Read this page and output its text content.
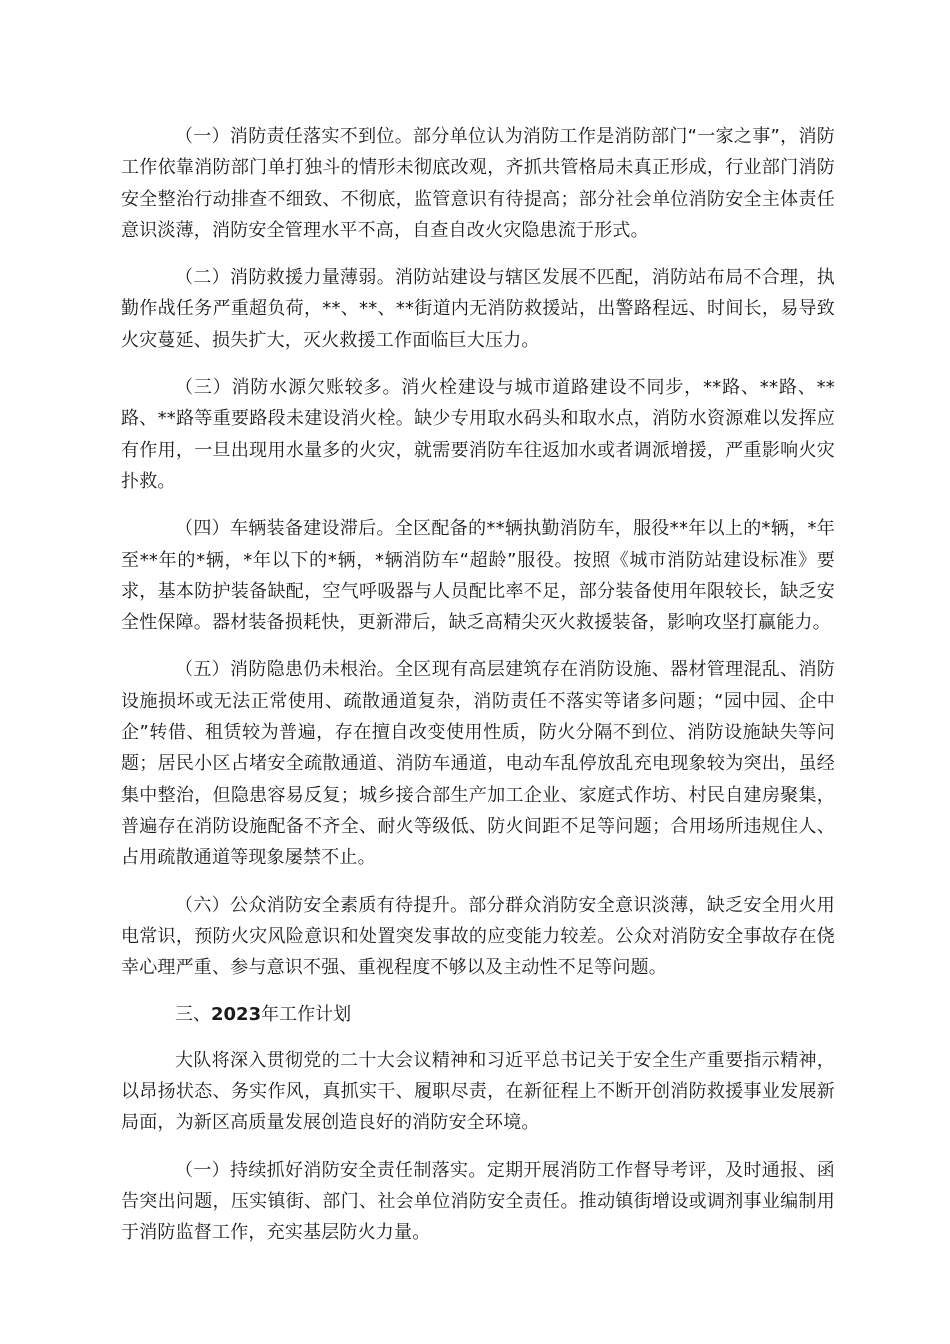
（一）消防责任落实不到位。部分单位认为消防工作是消防部门“一家之事”，消防工作依靠消防部门单打独斗的情形未彻底改观，齐抓共管格局未真正形成，行业部门消防安全整治行动排查不细致、不彻底，监管意识有待提高；部分社会单位消防安全主体责任意识淡薄，消防安全管理水平不高，自查自改火灾隐患流于形式。

（二）消防救援力量薄弱。消防站建设与辖区发展不匹配，消防站布局不合理，执勤作战任务严重超负荷，**、**、**街道内无消防救援站，出警路程远、时间长，易导致火灾蔓延、损失扩大，灭火救援工作面临巨大压力。

（三）消防水源欠账较多。消火栓建设与城市道路建设不同步，**路、**路、**路、**路等重要路段未建设消火栓。缺少专用取水码头和取水点，消防水资源难以发挥应有作用，一旦出现用水量多的火灾，就需要消防车往返加水或者调派增援，严重影响火灾扑救。

（四）车辆装备建设滞后。全区配备的**辆执勤消防车，服役**年以上的*辆，*年至**年的*辆，*年以下的*辆，*辆消防车“超龄”服役。按照《城市消防站建设标准》要求，基本防护装备缺配，空气呼吸器与人员配比率不足，部分装备使用年限较长，缺乏安全性保障。器材装备损耗快，更新滞后，缺乏高精尖灭火救援装备，影响攻坚打赢能力。

（五）消防隐患仍未根治。全区现有高层建筑存在消防设施、器材管理混乱、消防设施损坏或无法正常使用、疏散通道复杂，消防责任不落实等诸多问题；“园中园、企中企”转借、租赁较为普遍，存在擅自改变使用性质，防火分隔不到位、消防设施缺失等问题；居民小区占堵安全疏散通道、消防车通道，电动车乱停放乱充电现象较为突出，虽经集中整治，但隐患容易反复；城乡接合部生产加工企业、家庭式作坊、村民自建房聚集，普遍存在消防设施配备不齐全、耐火等级低、防火间距不足等问题；合用场所违规住人、占用疏散通道等现象屡禁不止。

（六）公众消防安全素质有待提升。部分群众消防安全意识淡薄，缺乏安全用火用电常识，预防火灾风险意识和处置突发事故的应变能力较差。公众对消防安全事故存在侥幸心理严重、参与意识不强、重视程度不够以及主动性不足等问题。

三、2023年工作计划

大队将深入贯彻党的二十大会议精神和习近平总书记关于安全生产重要指示精神，以昂扬状态、务实作风，真抓实干、履职尽责，在新征程上不断开创消防救援事业发展新局面，为新区高质量发展创造良好的消防安全环境。

（一）持续抓好消防安全责任制落实。定期开展消防工作督导考评，及时通报、函告突出问题，压实镇街、部门、社会单位消防安全责任。推动镇街增设或调剂事业编制用于消防监督工作，充实基层防火力量。
